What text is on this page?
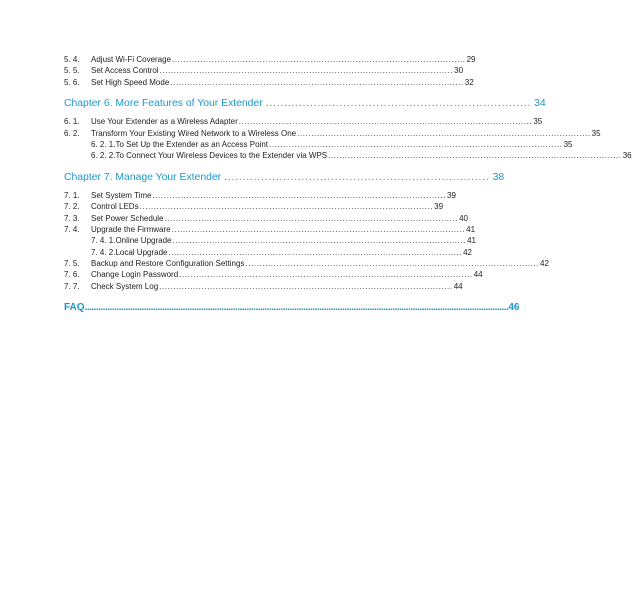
5. 4.	Adjust Wi-Fi Coverage ........................................................................................................ 29
5. 5.	Set Access Control ........................................................................................................ 30
5. 6.	Set High Speed Mode ........................................................................................................ 32
Chapter 6. More Features of Your Extender ........................................................................ 34
6. 1.	Use Your Extender as a Wireless Adapter ........................................................................................................ 35
6. 2.	Transform Your Existing Wired Network to a Wireless One ........................................................................................................ 35
6. 2. 1.To Set Up the Extender as an Access Point ........................................................................................................ 35
6. 2. 2.To Connect Your Wireless Devices to the Extender via WPS ........................................................................................................ 36
Chapter 7. Manage Your Extender ........................................................................ 38
7. 1.	Set System Time ........................................................................................................ 39
7. 2.	Control LEDs ........................................................................................................ 39
7. 3.	Set Power Schedule ........................................................................................................ 40
7. 4.	Upgrade the Firmware ........................................................................................................ 41
7. 4. 1.Online Upgrade ........................................................................................................ 41
7. 4. 2.Local Upgrade ........................................................................................................ 42
7. 5.	Backup and Restore Configuration Settings ........................................................................................................ 42
7. 6.	Change Login Password ........................................................................................................ 44
7. 7.	Check System Log ........................................................................................................ 44
FAQ .......................................................................................................................................................................................... 46
